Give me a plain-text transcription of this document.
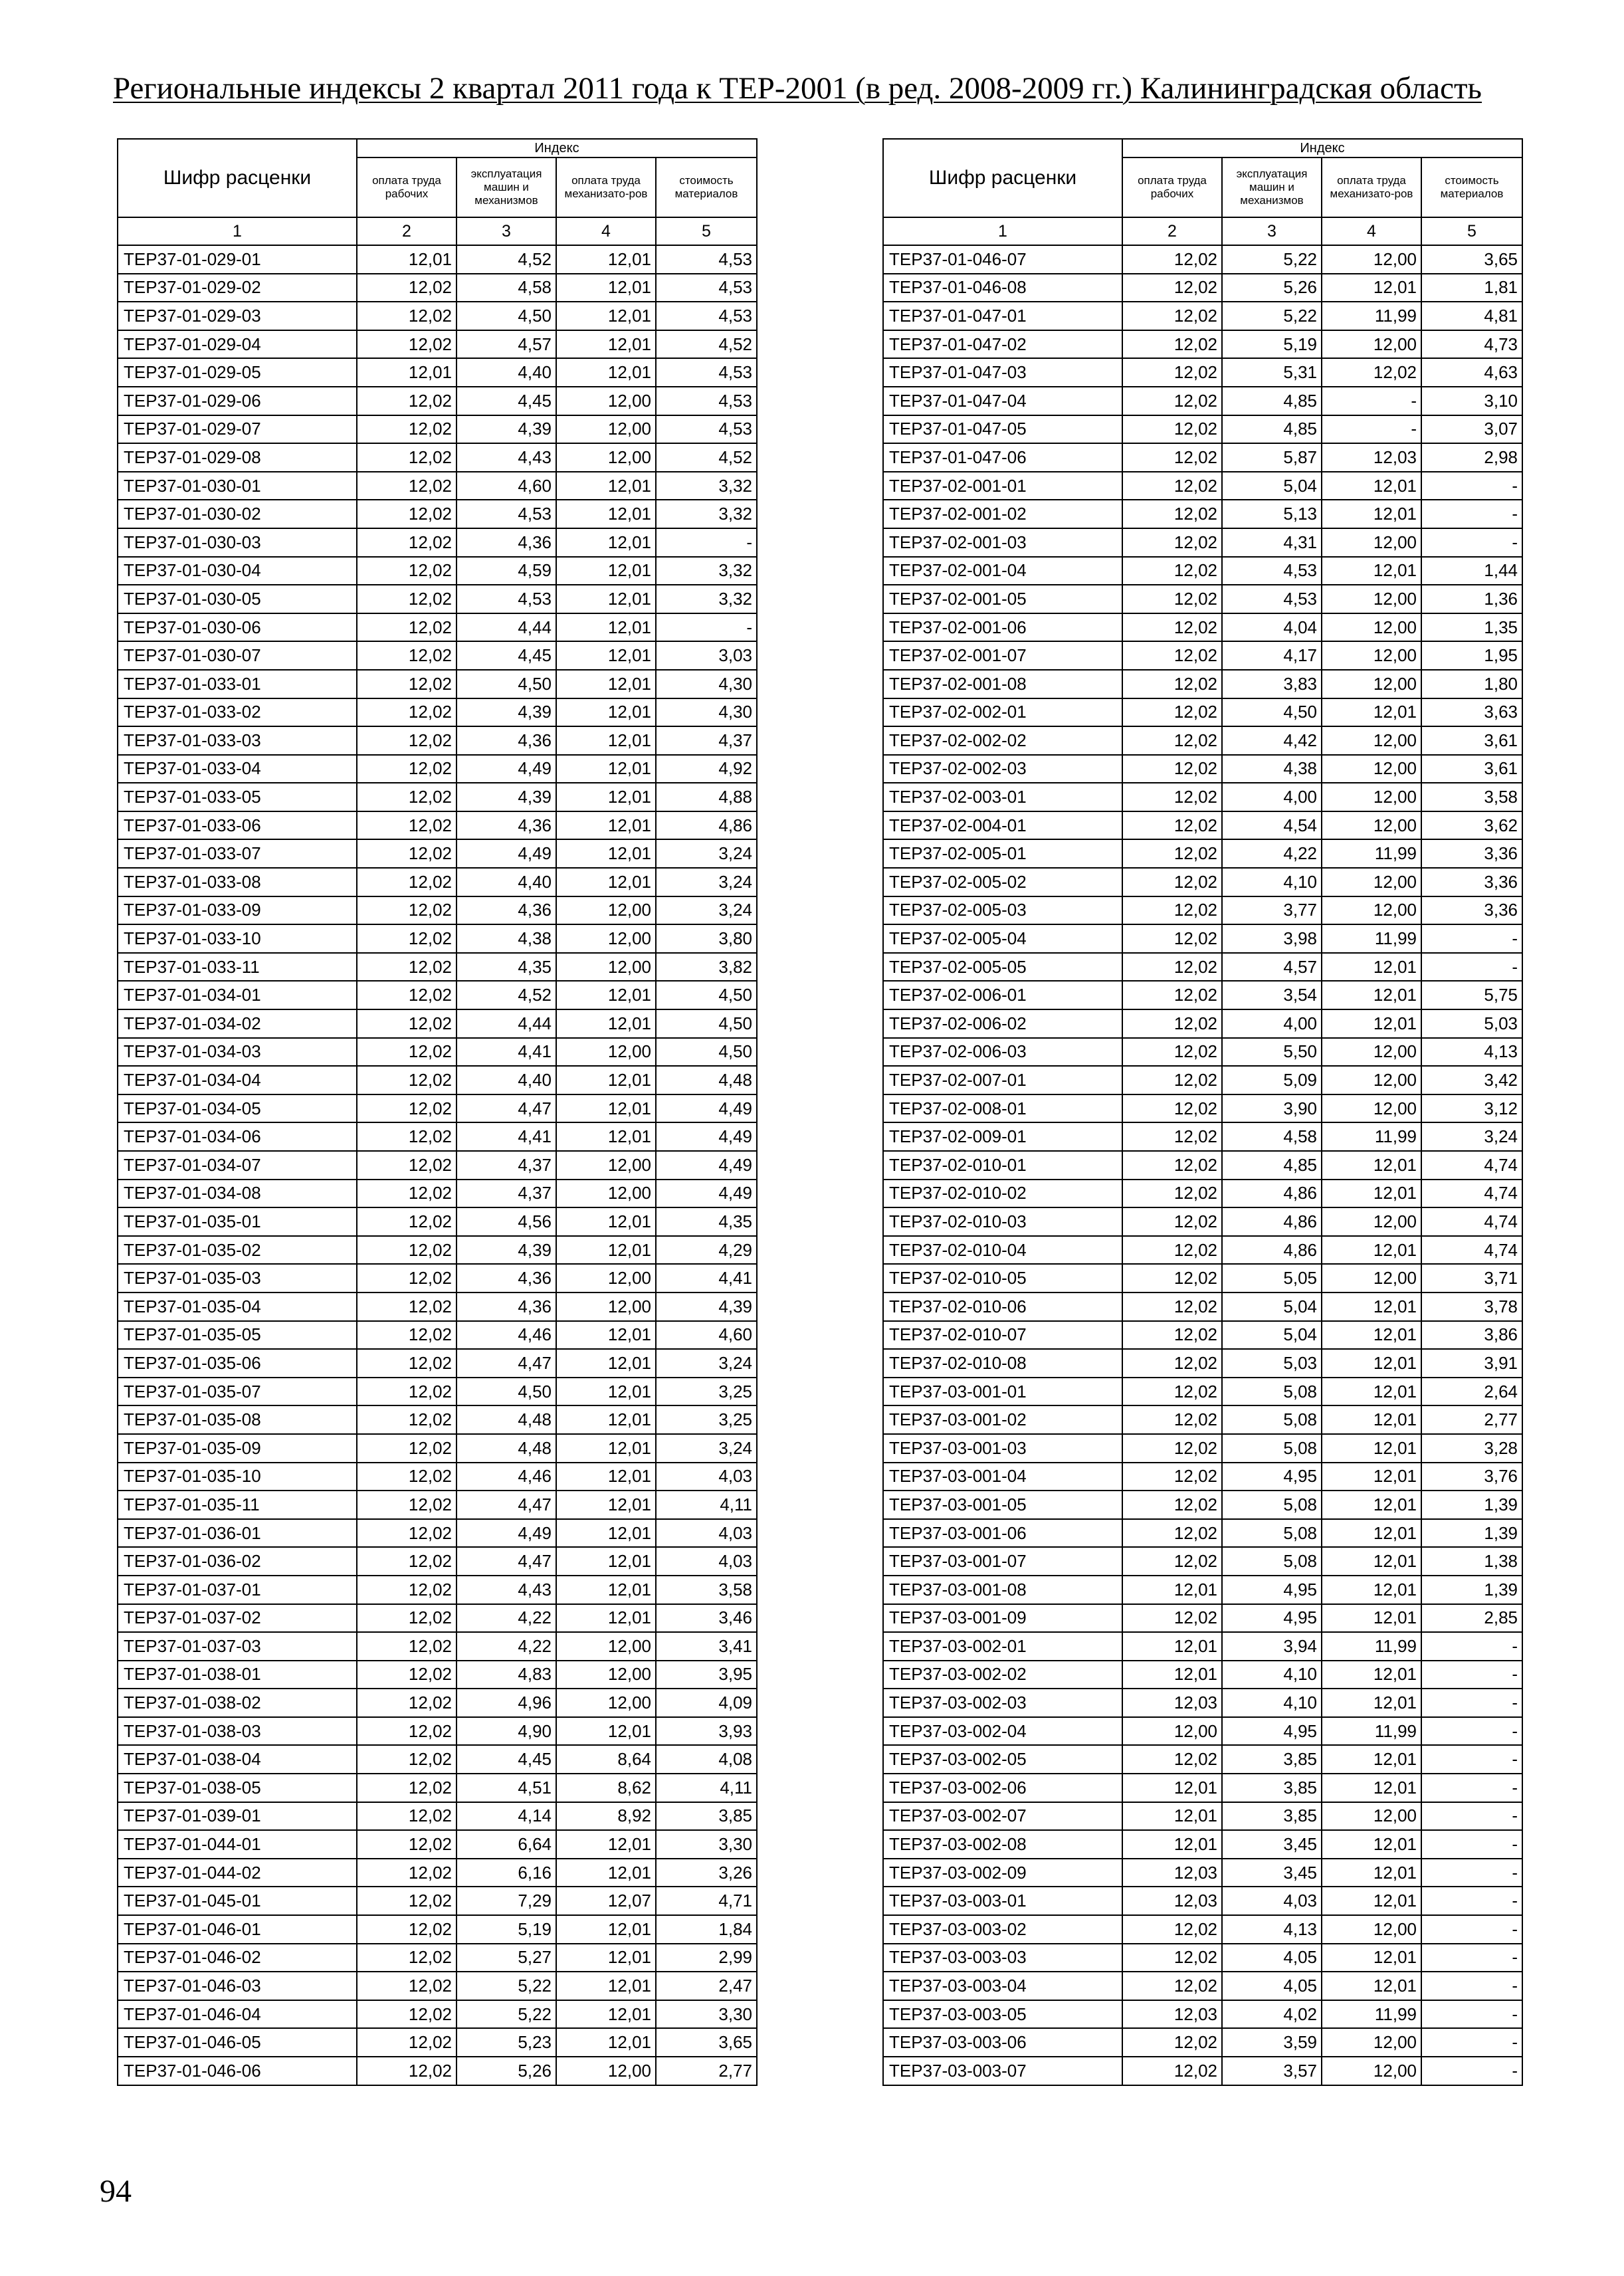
Региональные индексы 2 квартал 2011 года к ТЕР-2001 (в ред. 2008-2009 гг.) Калининградская область
Шифр расценки	Индекс			
	оплата труда рабочих	эксплуатация машин и механизмов	оплата труда механизато-ров	стоимость материалов
1	2	3	4	5
ТЕР37-01-029-01	12,01	4,52	12,01	4,53
ТЕР37-01-029-02	12,02	4,58	12,01	4,53
ТЕР37-01-029-03	12,02	4,50	12,01	4,53
ТЕР37-01-029-04	12,02	4,57	12,01	4,52
ТЕР37-01-029-05	12,01	4,40	12,01	4,53
ТЕР37-01-029-06	12,02	4,45	12,00	4,53
ТЕР37-01-029-07	12,02	4,39	12,00	4,53
ТЕР37-01-029-08	12,02	4,43	12,00	4,52
ТЕР37-01-030-01	12,02	4,60	12,01	3,32
ТЕР37-01-030-02	12,02	4,53	12,01	3,32
ТЕР37-01-030-03	12,02	4,36	12,01	-
ТЕР37-01-030-04	12,02	4,59	12,01	3,32
ТЕР37-01-030-05	12,02	4,53	12,01	3,32
ТЕР37-01-030-06	12,02	4,44	12,01	-
ТЕР37-01-030-07	12,02	4,45	12,01	3,03
ТЕР37-01-033-01	12,02	4,50	12,01	4,30
ТЕР37-01-033-02	12,02	4,39	12,01	4,30
ТЕР37-01-033-03	12,02	4,36	12,01	4,37
ТЕР37-01-033-04	12,02	4,49	12,01	4,92
ТЕР37-01-033-05	12,02	4,39	12,01	4,88
ТЕР37-01-033-06	12,02	4,36	12,01	4,86
ТЕР37-01-033-07	12,02	4,49	12,01	3,24
ТЕР37-01-033-08	12,02	4,40	12,01	3,24
ТЕР37-01-033-09	12,02	4,36	12,00	3,24
ТЕР37-01-033-10	12,02	4,38	12,00	3,80
ТЕР37-01-033-11	12,02	4,35	12,00	3,82
ТЕР37-01-034-01	12,02	4,52	12,01	4,50
ТЕР37-01-034-02	12,02	4,44	12,01	4,50
ТЕР37-01-034-03	12,02	4,41	12,00	4,50
ТЕР37-01-034-04	12,02	4,40	12,01	4,48
ТЕР37-01-034-05	12,02	4,47	12,01	4,49
ТЕР37-01-034-06	12,02	4,41	12,01	4,49
ТЕР37-01-034-07	12,02	4,37	12,00	4,49
ТЕР37-01-034-08	12,02	4,37	12,00	4,49
ТЕР37-01-035-01	12,02	4,56	12,01	4,35
ТЕР37-01-035-02	12,02	4,39	12,01	4,29
ТЕР37-01-035-03	12,02	4,36	12,00	4,41
ТЕР37-01-035-04	12,02	4,36	12,00	4,39
ТЕР37-01-035-05	12,02	4,46	12,01	4,60
ТЕР37-01-035-06	12,02	4,47	12,01	3,24
ТЕР37-01-035-07	12,02	4,50	12,01	3,25
ТЕР37-01-035-08	12,02	4,48	12,01	3,25
ТЕР37-01-035-09	12,02	4,48	12,01	3,24
ТЕР37-01-035-10	12,02	4,46	12,01	4,03
ТЕР37-01-035-11	12,02	4,47	12,01	4,11
ТЕР37-01-036-01	12,02	4,49	12,01	4,03
ТЕР37-01-036-02	12,02	4,47	12,01	4,03
ТЕР37-01-037-01	12,02	4,43	12,01	3,58
ТЕР37-01-037-02	12,02	4,22	12,01	3,46
ТЕР37-01-037-03	12,02	4,22	12,00	3,41
ТЕР37-01-038-01	12,02	4,83	12,00	3,95
ТЕР37-01-038-02	12,02	4,96	12,00	4,09
ТЕР37-01-038-03	12,02	4,90	12,01	3,93
ТЕР37-01-038-04	12,02	4,45	8,64	4,08
ТЕР37-01-038-05	12,02	4,51	8,62	4,11
ТЕР37-01-039-01	12,02	4,14	8,92	3,85
ТЕР37-01-044-01	12,02	6,64	12,01	3,30
ТЕР37-01-044-02	12,02	6,16	12,01	3,26
ТЕР37-01-045-01	12,02	7,29	12,07	4,71
ТЕР37-01-046-01	12,02	5,19	12,01	1,84
ТЕР37-01-046-02	12,02	5,27	12,01	2,99
ТЕР37-01-046-03	12,02	5,22	12,01	2,47
ТЕР37-01-046-04	12,02	5,22	12,01	3,30
ТЕР37-01-046-05	12,02	5,23	12,01	3,65
ТЕР37-01-046-06	12,02	5,26	12,00	2,77
Шифр расценки	Индекс			
	оплата труда рабочих	эксплуатация машин и механизмов	оплата труда механизато-ров	стоимость материалов
1	2	3	4	5
ТЕР37-01-046-07	12,02	5,22	12,00	3,65
ТЕР37-01-046-08	12,02	5,26	12,01	1,81
ТЕР37-01-047-01	12,02	5,22	11,99	4,81
ТЕР37-01-047-02	12,02	5,19	12,00	4,73
ТЕР37-01-047-03	12,02	5,31	12,02	4,63
ТЕР37-01-047-04	12,02	4,85	-	3,10
ТЕР37-01-047-05	12,02	4,85	-	3,07
ТЕР37-01-047-06	12,02	5,87	12,03	2,98
ТЕР37-02-001-01	12,02	5,04	12,01	-
ТЕР37-02-001-02	12,02	5,13	12,01	-
ТЕР37-02-001-03	12,02	4,31	12,00	-
ТЕР37-02-001-04	12,02	4,53	12,01	1,44
ТЕР37-02-001-05	12,02	4,53	12,00	1,36
ТЕР37-02-001-06	12,02	4,04	12,00	1,35
ТЕР37-02-001-07	12,02	4,17	12,00	1,95
ТЕР37-02-001-08	12,02	3,83	12,00	1,80
ТЕР37-02-002-01	12,02	4,50	12,01	3,63
ТЕР37-02-002-02	12,02	4,42	12,00	3,61
ТЕР37-02-002-03	12,02	4,38	12,00	3,61
ТЕР37-02-003-01	12,02	4,00	12,00	3,58
ТЕР37-02-004-01	12,02	4,54	12,00	3,62
ТЕР37-02-005-01	12,02	4,22	11,99	3,36
ТЕР37-02-005-02	12,02	4,10	12,00	3,36
ТЕР37-02-005-03	12,02	3,77	12,00	3,36
ТЕР37-02-005-04	12,02	3,98	11,99	-
ТЕР37-02-005-05	12,02	4,57	12,01	-
ТЕР37-02-006-01	12,02	3,54	12,01	5,75
ТЕР37-02-006-02	12,02	4,00	12,01	5,03
ТЕР37-02-006-03	12,02	5,50	12,00	4,13
ТЕР37-02-007-01	12,02	5,09	12,00	3,42
ТЕР37-02-008-01	12,02	3,90	12,00	3,12
ТЕР37-02-009-01	12,02	4,58	11,99	3,24
ТЕР37-02-010-01	12,02	4,85	12,01	4,74
ТЕР37-02-010-02	12,02	4,86	12,01	4,74
ТЕР37-02-010-03	12,02	4,86	12,00	4,74
ТЕР37-02-010-04	12,02	4,86	12,01	4,74
ТЕР37-02-010-05	12,02	5,05	12,00	3,71
ТЕР37-02-010-06	12,02	5,04	12,01	3,78
ТЕР37-02-010-07	12,02	5,04	12,01	3,86
ТЕР37-02-010-08	12,02	5,03	12,01	3,91
ТЕР37-03-001-01	12,02	5,08	12,01	2,64
ТЕР37-03-001-02	12,02	5,08	12,01	2,77
ТЕР37-03-001-03	12,02	5,08	12,01	3,28
ТЕР37-03-001-04	12,02	4,95	12,01	3,76
ТЕР37-03-001-05	12,02	5,08	12,01	1,39
ТЕР37-03-001-06	12,02	5,08	12,01	1,39
ТЕР37-03-001-07	12,02	5,08	12,01	1,38
ТЕР37-03-001-08	12,01	4,95	12,01	1,39
ТЕР37-03-001-09	12,02	4,95	12,01	2,85
ТЕР37-03-002-01	12,01	3,94	11,99	-
ТЕР37-03-002-02	12,01	4,10	12,01	-
ТЕР37-03-002-03	12,03	4,10	12,01	-
ТЕР37-03-002-04	12,00	4,95	11,99	-
ТЕР37-03-002-05	12,02	3,85	12,01	-
ТЕР37-03-002-06	12,01	3,85	12,01	-
ТЕР37-03-002-07	12,01	3,85	12,00	-
ТЕР37-03-002-08	12,01	3,45	12,01	-
ТЕР37-03-002-09	12,03	3,45	12,01	-
ТЕР37-03-003-01	12,03	4,03	12,01	-
ТЕР37-03-003-02	12,02	4,13	12,00	-
ТЕР37-03-003-03	12,02	4,05	12,01	-
ТЕР37-03-003-04	12,02	4,05	12,01	-
ТЕР37-03-003-05	12,03	4,02	11,99	-
ТЕР37-03-003-06	12,02	3,59	12,00	-
ТЕР37-03-003-07	12,02	3,57	12,00	-
94
